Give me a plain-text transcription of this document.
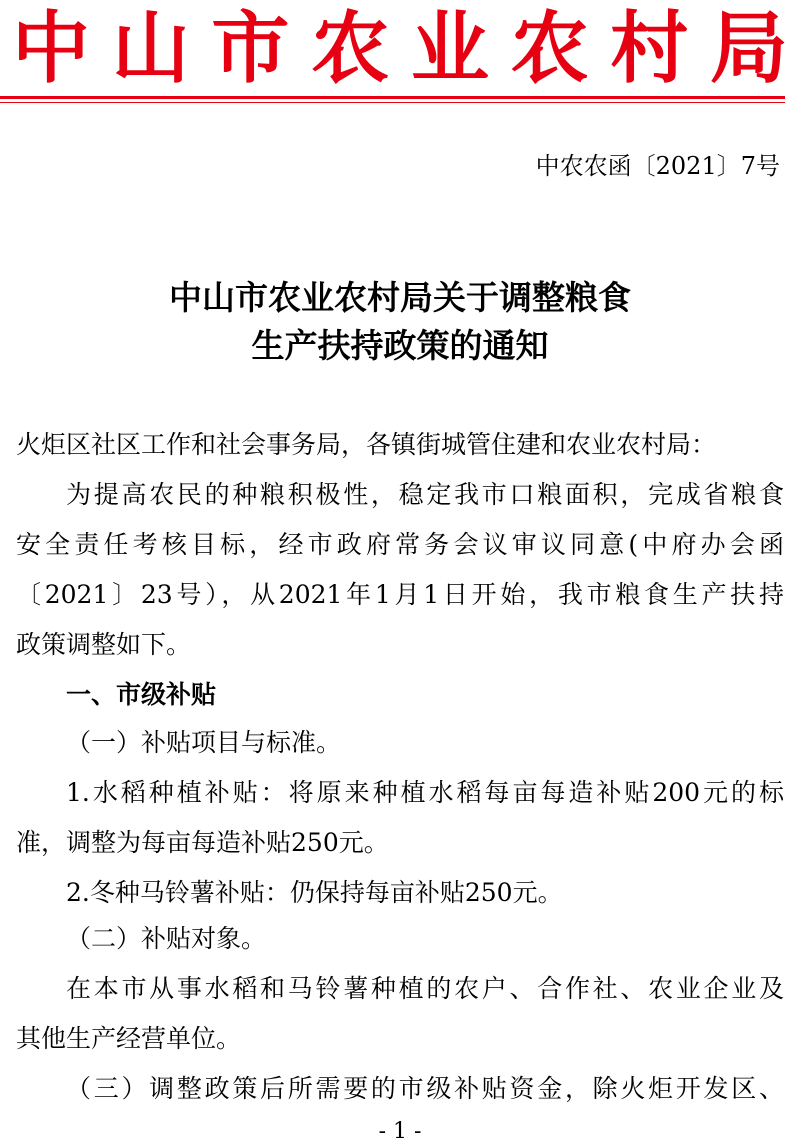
中 山 市 农 业 农 村 局
中农农函〔2021〕7号
中山市农业农村局关于调整粮食
生产扶持政策的通知
火炬区社区工作和社会事务局，各镇街城管住建和农业农村局：
为提高农民的种粮积极性，稳定我市口粮面积，完成省粮食
安全责任考核目标，经市政府常务会议审议同意(中府办会函
〔2021〕23号），从2021年1月1日开始，我市粮食生产扶持
政策调整如下。
一、市级补贴
（一）补贴项目与标准。
1.水稻种植补贴：将原来种植水稻每亩每造补贴200元的标
准，调整为每亩每造补贴250元。
2.冬种马铃薯补贴：仍保持每亩补贴250元。
（二）补贴对象。
在本市从事水稻和马铃薯种植的农户、合作社、农业企业及
其他生产经营单位。
（三）调整政策后所需要的市级补贴资金，除火炬开发区、
- 1 -
